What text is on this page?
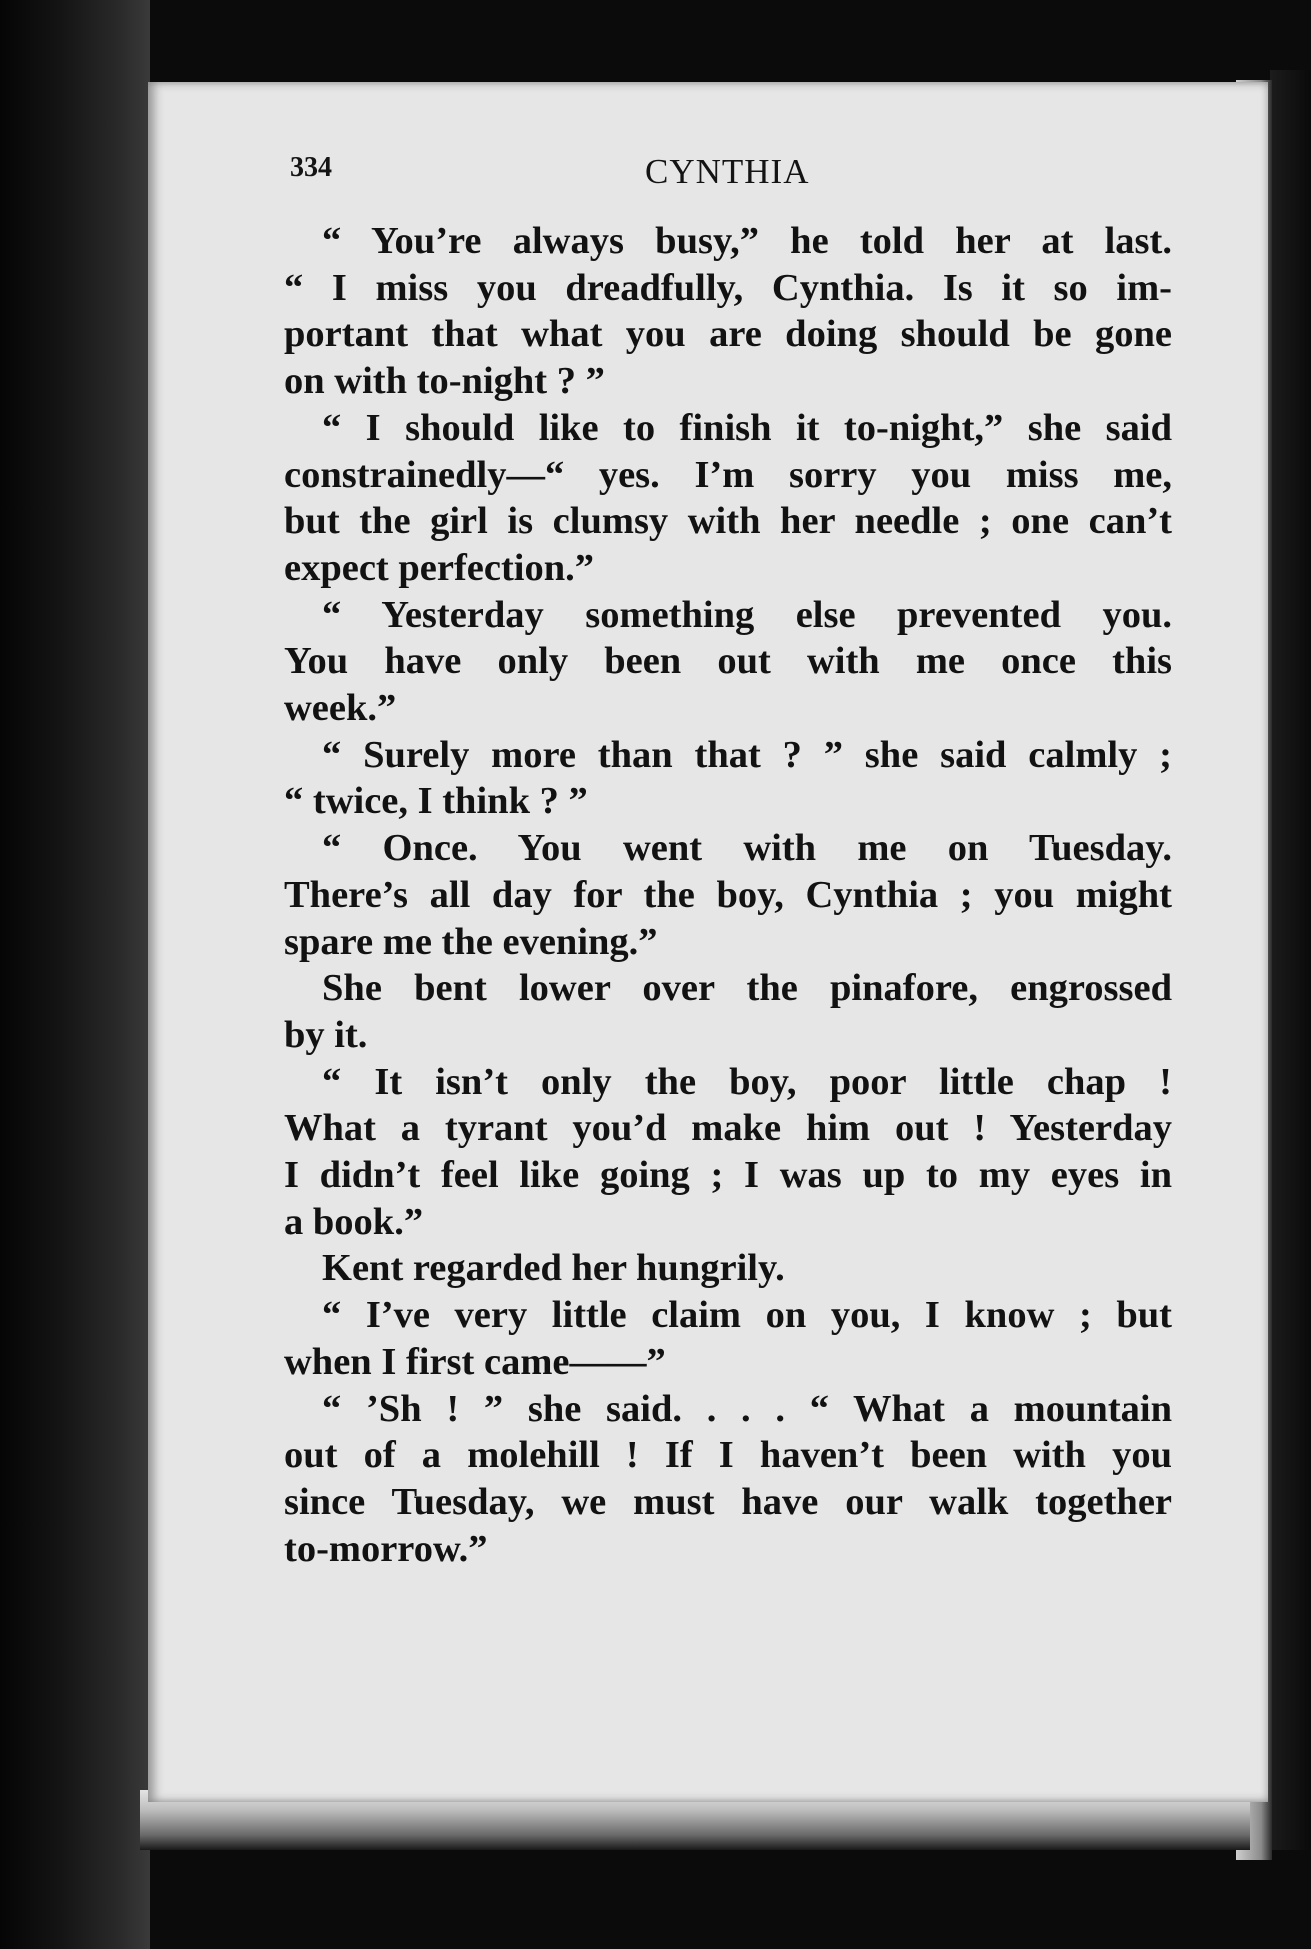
334	CYNTHIA
“ You’re always busy,” he told her at last.
“ I miss you dreadfully, Cynthia. Is it so im-
portant that what you are doing should be gone
on with to-night ? ”
“ I should like to finish it to-night,” she said
constrainedly—“ yes. I’m sorry you miss me,
but the girl is clumsy with her needle ; one can’t
expect perfection.”
“ Yesterday something else prevented you.
You have only been out with me once this
week.”
“ Surely more than that ? ” she said calmly ;
“ twice, I think ? ”
“ Once. You went with me on Tuesday.
There’s all day for the boy, Cynthia ; you might
spare me the evening.”
She bent lower over the pinafore, engrossed
by it.
“ It isn’t only the boy, poor little chap !
What a tyrant you’d make him out ! Yesterday
I didn’t feel like going ; I was up to my eyes in
a book.”
Kent regarded her hungrily.
“ I’ve very little claim on you, I know ; but
when I first came——”
“ ’Sh ! ” she said. . . . “ What a mountain
out of a molehill ! If I haven’t been with you
since Tuesday, we must have our walk together
to-morrow.”
